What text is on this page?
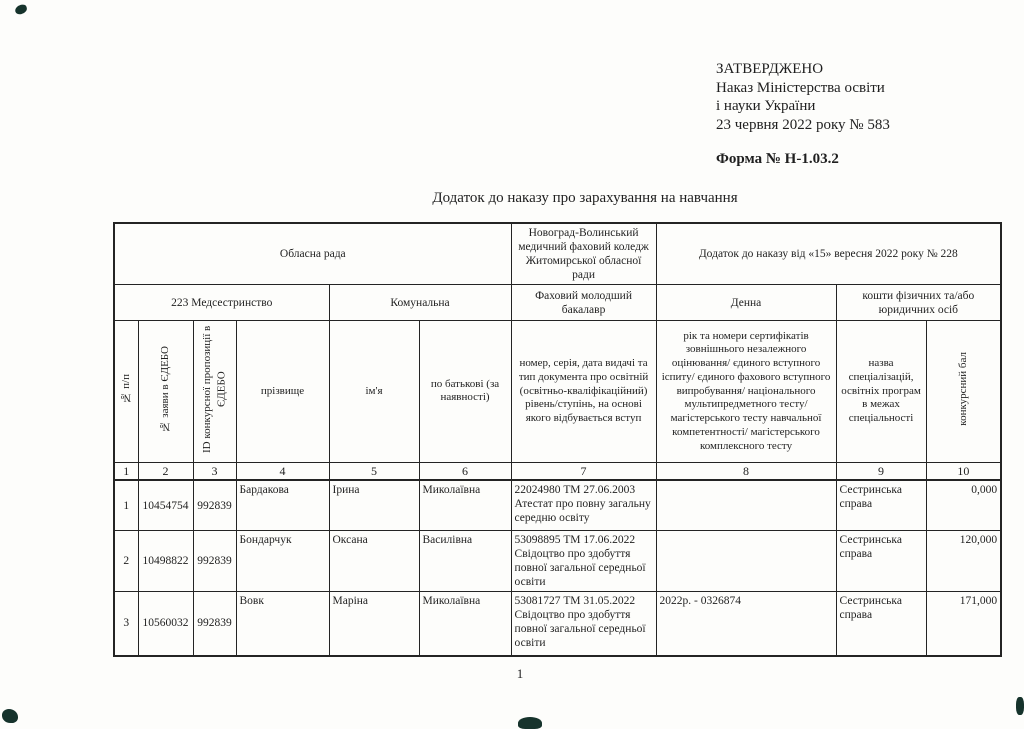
ЗАТВЕРДЖЕНО
Наказ Міністерства освіти
і науки України
23 червня 2022 року № 583
Форма № Н-1.03.2
Додаток до наказу про зарахування на навчання
Обласна рада						Новоград-Волинський медичний фаховий коледж Житомирської обласної ради	Додаток до наказу від «15» вересня 2022 року № 228		
223 Медсестринство				Комунальна		Фаховий молодший бакалавр	Денна	кошти фізичних та/або юридичних осіб	
№ п/п	№ заяви в ЄДЕБО	ID конкурсної пропозиції в ЄДЕБО	прізвище	ім'я	по батькові (за наявності)	номер, серія, дата видачі та тип документа про освітній (освітньо-кваліфікаційний) рівень/ступінь, на основі якого відбувається вступ	рік та номери сертифікатів зовнішнього незалежного оцінювання/ єдиного вступного іспиту/ єдиного фахового вступного випробування/ національного мультипредметного тесту/ магістерського тесту навчальної компетентності/ магістерського комплексного тесту	назва спеціалізацій, освітніх програм в межах спеціальності	конкурсний бал
1	2	3	4	5	6	7	8	9	10
1	10454754	992839	Бардакова	Ірина	Миколаївна	22024980 ТМ 27.06.2003 Атестат про повну загальну середню освіту		Сестринська справа	0,000
2	10498822	992839	Бондарчук	Оксана	Василівна	53098895 ТМ 17.06.2022 Свідоцтво про здобуття повної загальної середньої освіти		Сестринська справа	120,000
3	10560032	992839	Вовк	Маріна	Миколаївна	53081727 ТМ 31.05.2022 Свідоцтво про здобуття повної загальної середньої освіти	2022р. - 0326874	Сестринська справа	171,000
1
